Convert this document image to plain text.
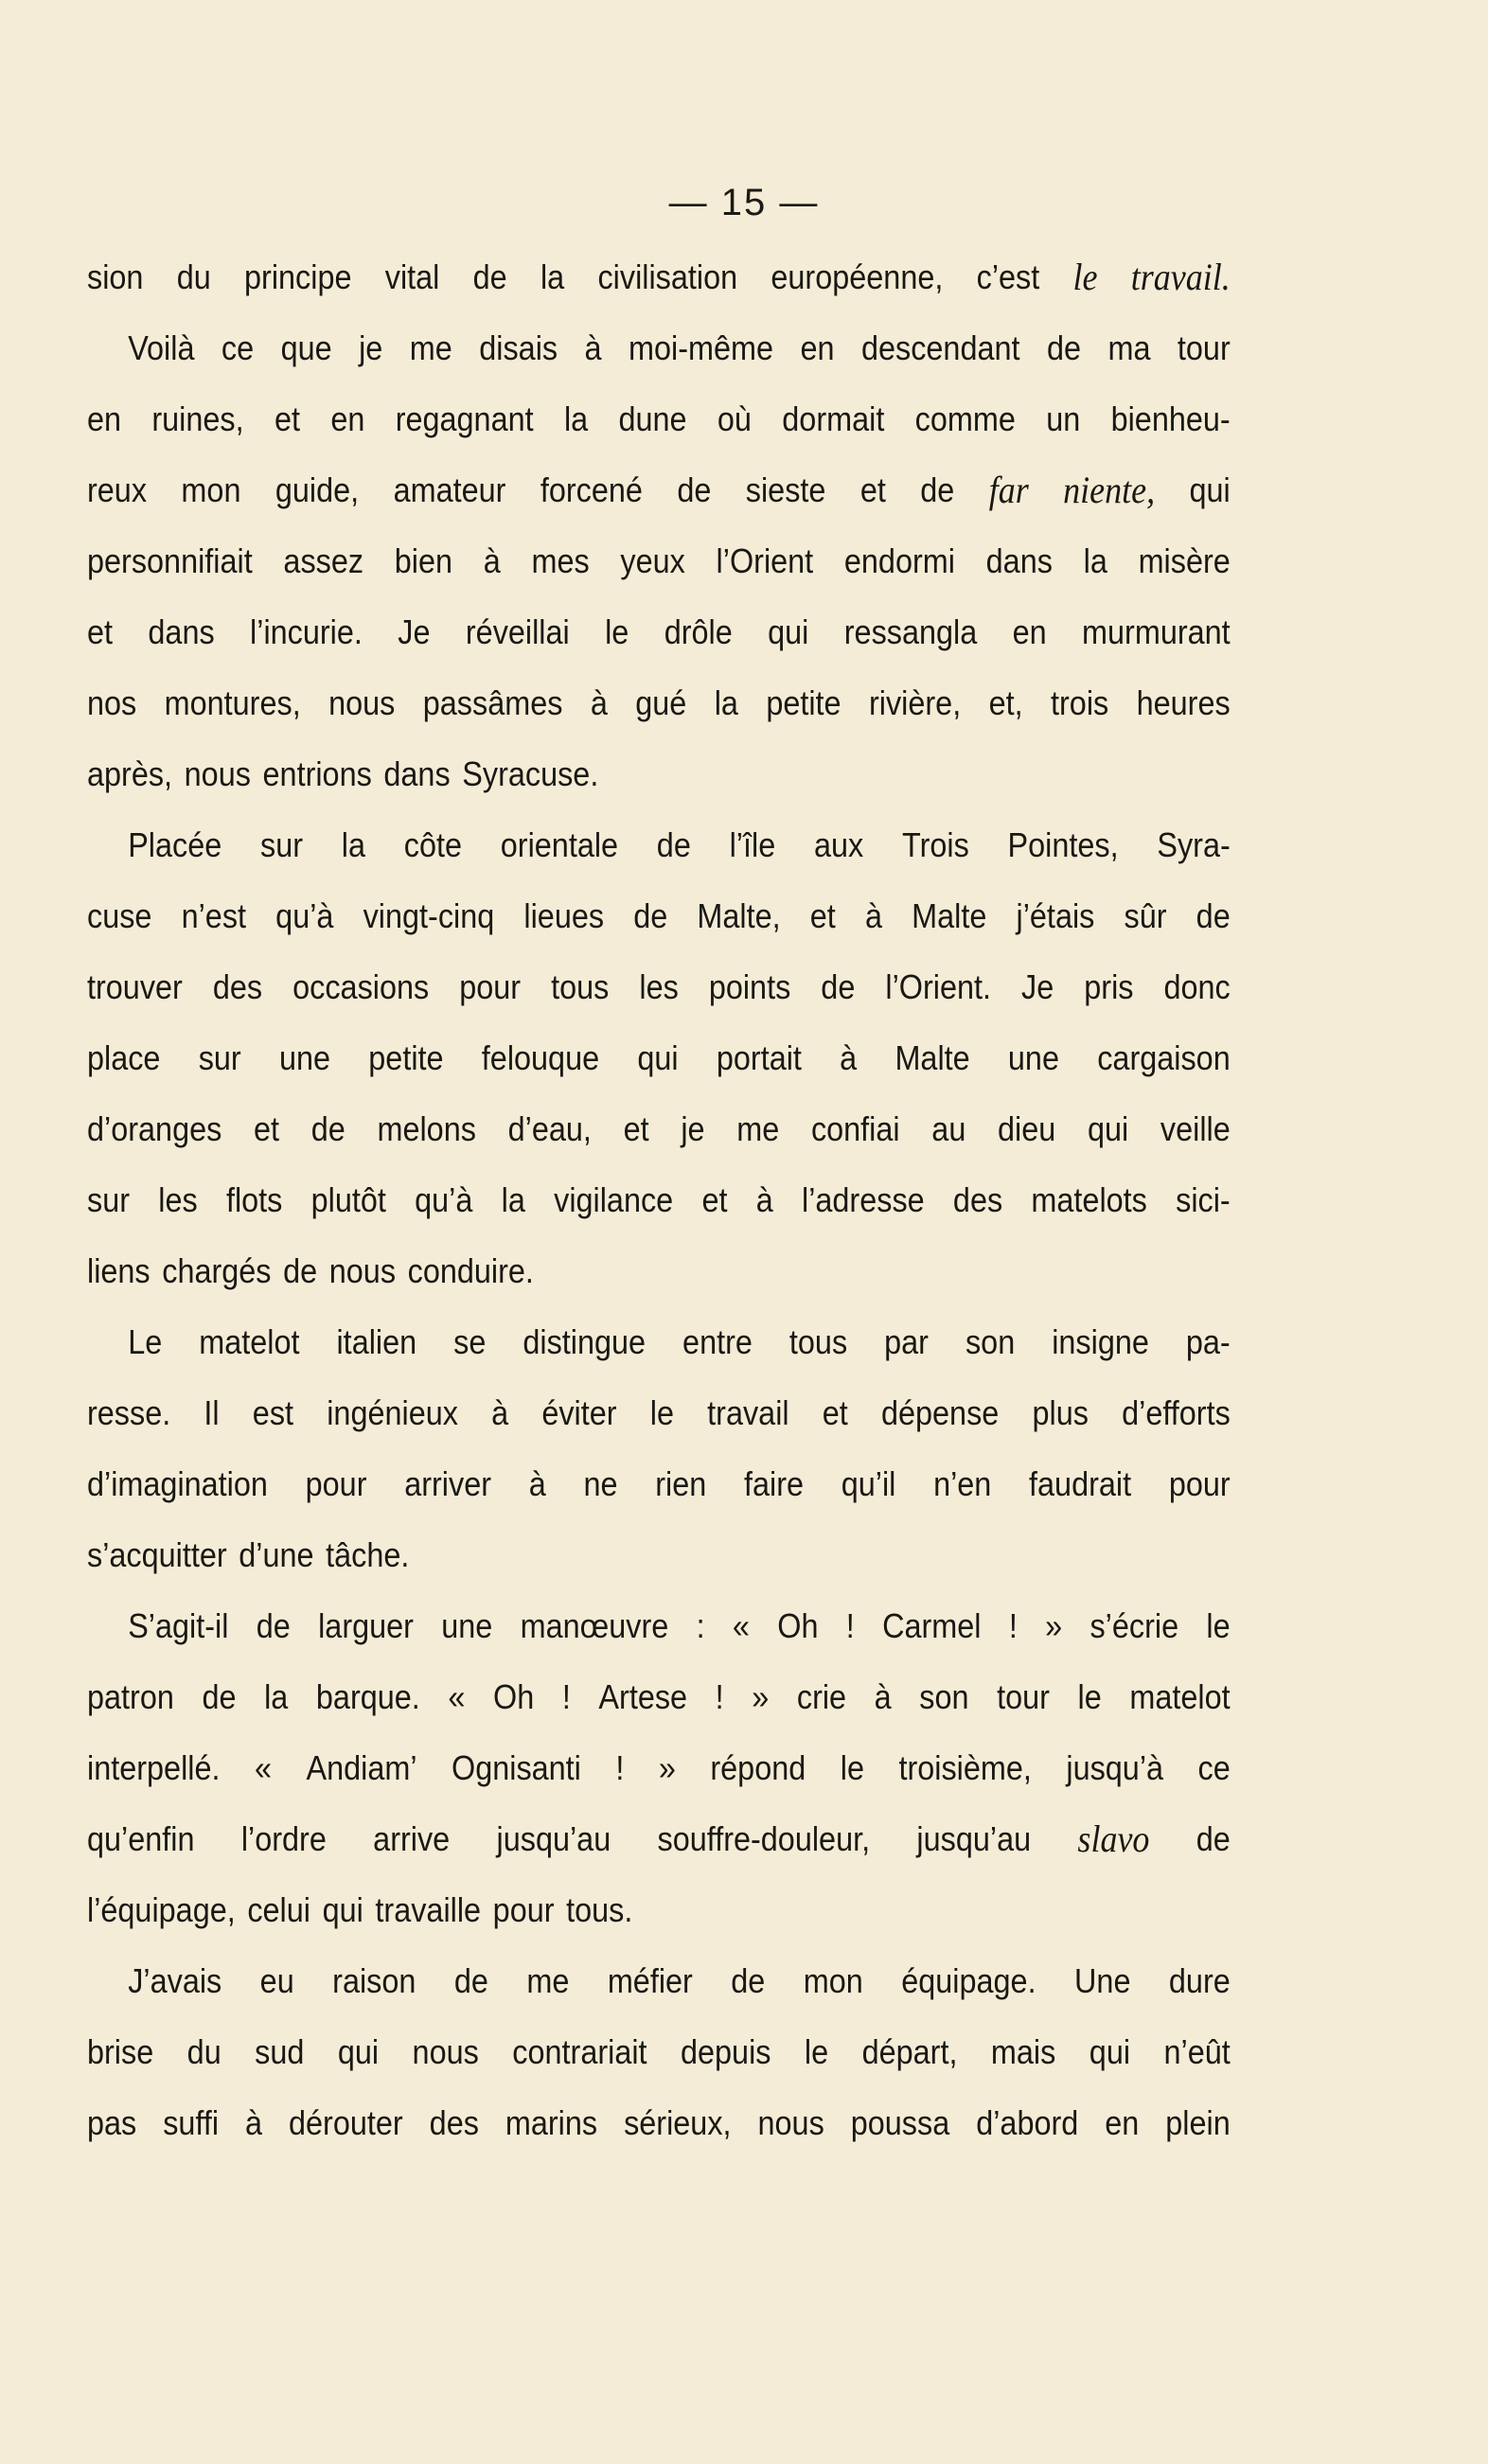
— 15 —
sion du principe vital de la civilisation européenne, c’est le travail.
Voilà ce que je me disais à moi-même en descendant de ma tour
en ruines, et en regagnant la dune où dormait comme un bienheu-
reux mon guide, amateur forcené de sieste et de far niente, qui
personnifiait assez bien à mes yeux l’Orient endormi dans la misère
et dans l’incurie. Je réveillai le drôle qui ressangla en murmurant
nos montures, nous passâmes à gué la petite rivière, et, trois heures
après, nous entrions dans Syracuse.
Placée sur la côte orientale de l’île aux Trois Pointes, Syra-
cuse n’est qu’à vingt-cinq lieues de Malte, et à Malte j’étais sûr de
trouver des occasions pour tous les points de l’Orient. Je pris donc
place sur une petite felouque qui portait à Malte une cargaison
d’oranges et de melons d’eau, et je me confiai au dieu qui veille
sur les flots plutôt qu’à la vigilance et à l’adresse des matelots sici-
liens chargés de nous conduire.
Le matelot italien se distingue entre tous par son insigne pa-
resse. Il est ingénieux à éviter le travail et dépense plus d’efforts
d’imagination pour arriver à ne rien faire qu’il n’en faudrait pour
s’acquitter d’une tâche.
S’agit-il de larguer une manœuvre : « Oh ! Carmel ! » s’écrie le
patron de la barque. « Oh ! Artese ! » crie à son tour le matelot
interpellé. « Andiam’ Ognisanti ! » répond le troisième, jusqu’à ce
qu’enfin l’ordre arrive jusqu’au souffre-douleur, jusqu’au slavo de
l’équipage, celui qui travaille pour tous.
J’avais eu raison de me méfier de mon équipage. Une dure
brise du sud qui nous contrariait depuis le départ, mais qui n’eût
pas suffi à dérouter des marins sérieux, nous poussa d’abord en plein
